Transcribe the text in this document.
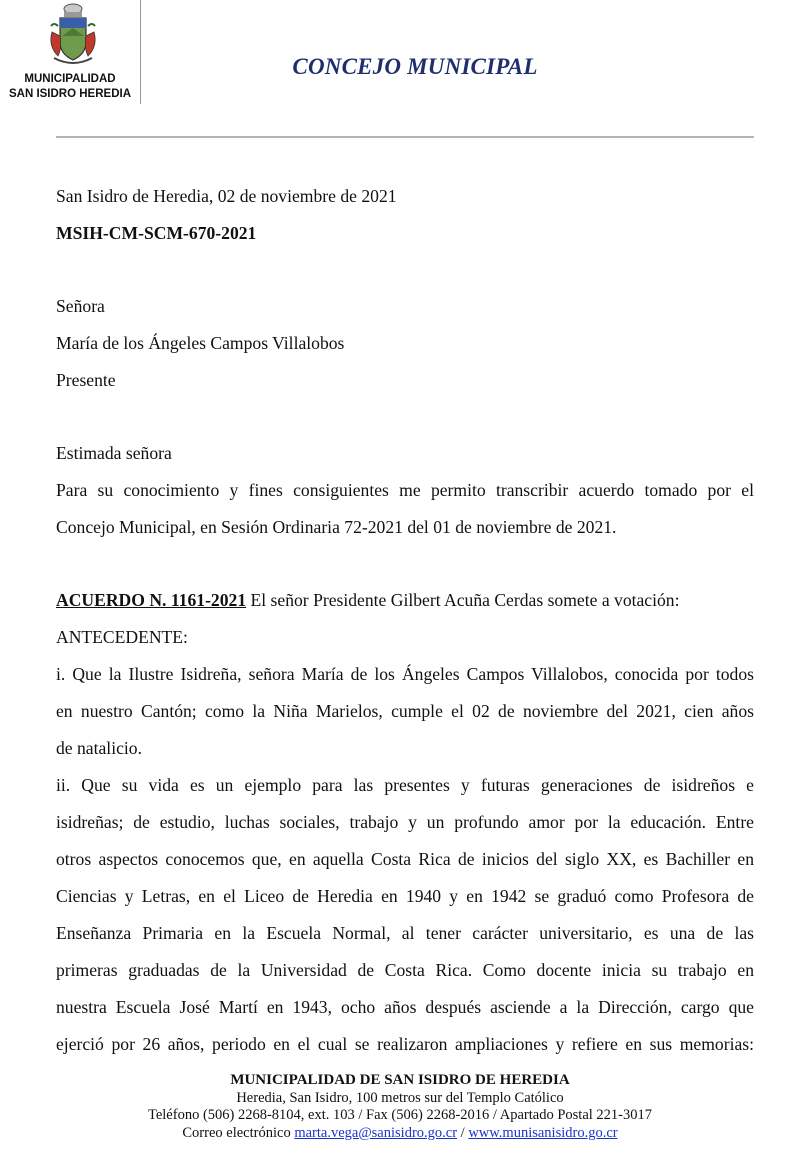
MUNICIPALIDAD
SAN ISIDRO HEREDIA
CONCEJO MUNICIPAL
San Isidro de Heredia, 02 de noviembre de 2021
MSIH-CM-SCM-670-2021
Señora
María de los Ángeles Campos Villalobos
Presente
Estimada señora
Para su conocimiento y fines consiguientes me permito transcribir acuerdo tomado por el
Concejo Municipal, en Sesión Ordinaria 72-2021 del 01 de noviembre de 2021.
ACUERDO N. 1161-2021 El señor Presidente Gilbert Acuña Cerdas somete a votación:
ANTECEDENTE:
i. Que la Ilustre Isidreña, señora María de los Ángeles Campos Villalobos, conocida por todos
en nuestro Cantón; como la Niña Marielos, cumple el 02 de noviembre del 2021, cien años
de natalicio.
ii. Que su vida es un ejemplo para las presentes y futuras generaciones de isidreños e
isidreñas; de estudio, luchas sociales, trabajo y un profundo amor por la educación. Entre
otros aspectos conocemos que, en aquella Costa Rica de inicios del siglo XX, es Bachiller en
Ciencias y Letras, en el Liceo de Heredia en 1940 y en 1942 se graduó como Profesora de
Enseñanza Primaria en la Escuela Normal, al tener carácter universitario, es una de las
primeras graduadas de la Universidad de Costa Rica. Como docente inicia su trabajo en
nuestra Escuela José Martí en 1943, ocho años después asciende a la Dirección, cargo que
ejerció por 26 años, periodo en el cual se realizaron ampliaciones y refiere en sus memorias:
MUNICIPALIDAD DE SAN ISIDRO DE HEREDIA
Heredia, San Isidro, 100 metros sur del Templo Católico
Teléfono (506) 2268-8104, ext. 103 / Fax (506) 2268-2016 / Apartado Postal 221-3017
Correo electrónico marta.vega@sanisidro.go.cr / www.munisanisidro.go.cr
